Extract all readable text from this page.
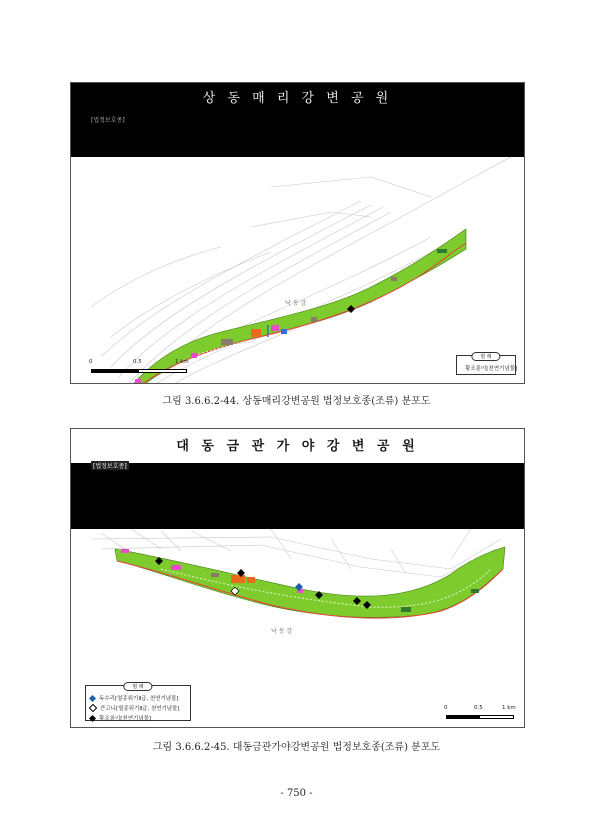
상 동 매 리 강 변 공 원
[법정보호종]
낙 동 강
0	0.5	1 km
범 례
황조롱이[천연기념물]
그림 3.6.6.2-44. 상동매리강변공원 법정보호종(조류) 분포도
대 동 금 관 가 야 강 변 공 원
[법정보호종]
낙 동 강
범 례
독수리[멸종위기Ⅱ급, 천연기념물]
큰고니[멸종위기Ⅱ급, 천연기념물]
황조롱이[천연기념물]
0	0.5	1 km
그림 3.6.6.2-45. 대동금관가야강변공원 법정보호종(조류) 분포도
- 750 -
